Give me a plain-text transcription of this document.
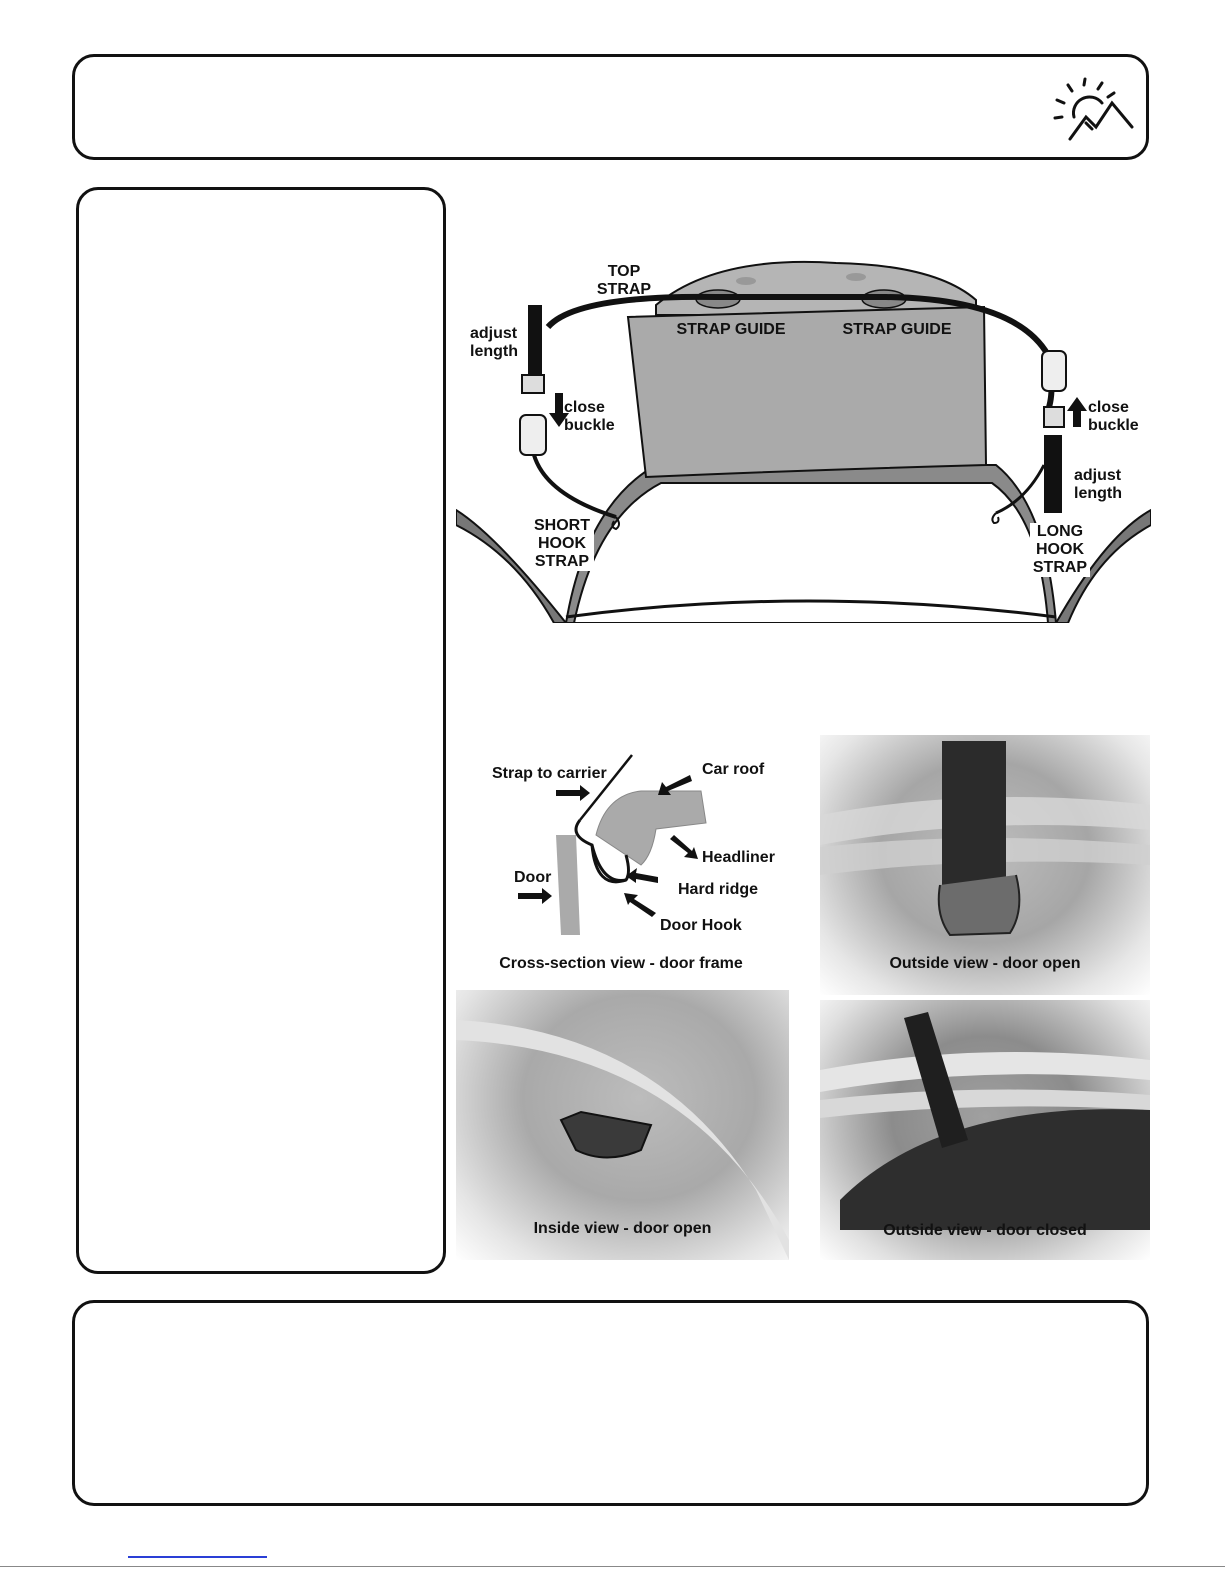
TOP
STRAP
STRAP GUIDE	STRAP GUIDE
adjust
length
close
buckle
SHORT
HOOK
STRAP
close
buckle
adjust
length
LONG
HOOK
STRAP
Strap to carrier	Car roof
Headliner
Door
Hard ridge
Door Hook
Cross-section view - door frame	Outside view - door open
Inside view - door open	Outside view - door closed
